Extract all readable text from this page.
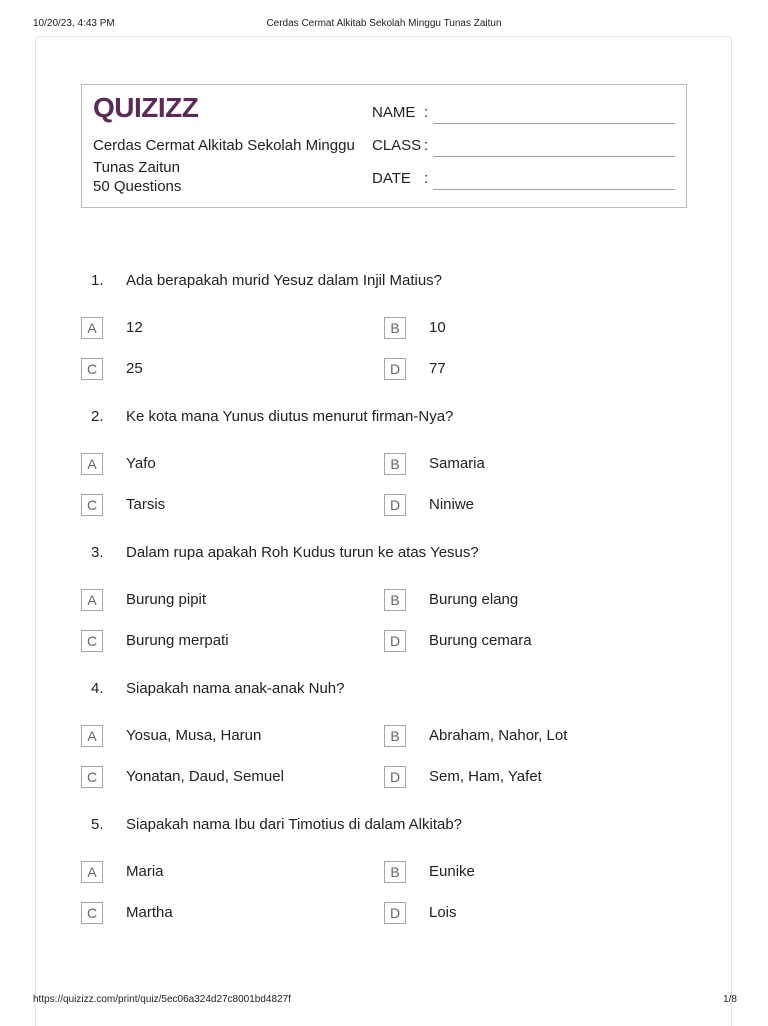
10/20/23, 4:43 PM	Cerdas Cermat Alkitab Sekolah Minggu Tunas Zaitun
QUIZIZZ
Cerdas Cermat Alkitab Sekolah Minggu Tunas Zaitun
50 Questions
NAME :
CLASS :
DATE :
1. Ada berapakah murid Yesuz dalam Injil Matius?
A	12	B	10
C	25	D	77
2. Ke kota mana Yunus diutus menurut firman-Nya?
A	Yafo	B	Samaria
C	Tarsis	D	Niniwe
3. Dalam rupa apakah Roh Kudus turun ke atas Yesus?
A	Burung pipit	B	Burung elang
C	Burung merpati	D	Burung cemara
4. Siapakah nama anak-anak Nuh?
A	Yosua, Musa, Harun	B	Abraham, Nahor, Lot
C	Yonatan, Daud, Semuel	D	Sem, Ham, Yafet
5. Siapakah nama Ibu dari Timotius di dalam Alkitab?
A	Maria	B	Eunike
C	Martha	D	Lois
https://quizizz.com/print/quiz/5ec06a324d27c8001bd4827f	1/8
